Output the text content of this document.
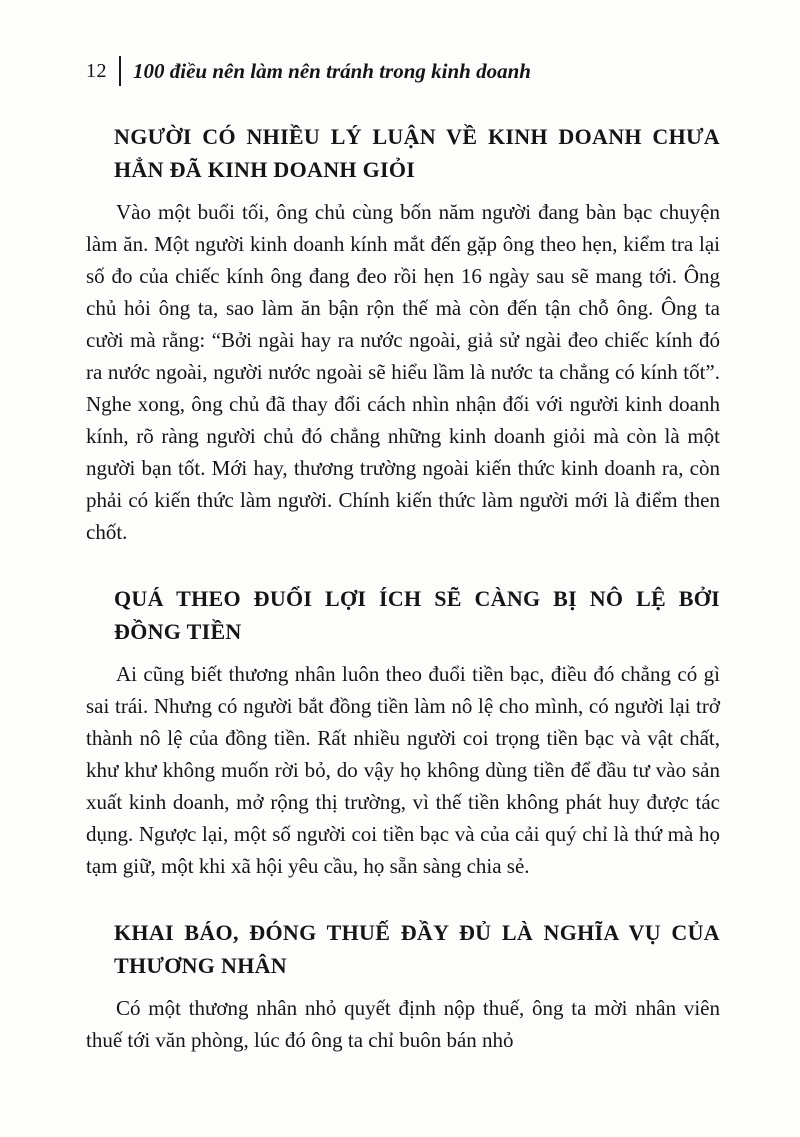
12	100 điều nên làm nên tránh trong kinh doanh
NGƯỜI CÓ NHIỀU LÝ LUẬN VỀ KINH DOANH CHƯA HẲN ĐÃ KINH DOANH GIỎI

Vào một buổi tối, ông chủ cùng bốn năm người đang bàn bạc chuyện làm ăn. Một người kinh doanh kính mắt đến gặp ông theo hẹn, kiểm tra lại số đo của chiếc kính ông đang đeo rồi hẹn 16 ngày sau sẽ mang tới. Ông chủ hỏi ông ta, sao làm ăn bận rộn thế mà còn đến tận chỗ ông. Ông ta cười mà rằng: “Bởi ngài hay ra nước ngoài, giả sử ngài đeo chiếc kính đó ra nước ngoài, người nước ngoài sẽ hiểu lầm là nước ta chẳng có kính tốt”. Nghe xong, ông chủ đã thay đổi cách nhìn nhận đối với người kinh doanh kính, rõ ràng người chủ đó chẳng những kinh doanh giỏi mà còn là một người bạn tốt. Mới hay, thương trường ngoài kiến thức kinh doanh ra, còn phải có kiến thức làm người. Chính kiến thức làm người mới là điểm then chốt.

QUÁ THEO ĐUỔI LỢI ÍCH SẼ CÀNG BỊ NÔ LỆ BỞI ĐỒNG TIỀN

Ai cũng biết thương nhân luôn theo đuổi tiền bạc, điều đó chẳng có gì sai trái. Nhưng có người bắt đồng tiền làm nô lệ cho mình, có người lại trở thành nô lệ của đồng tiền. Rất nhiều người coi trọng tiền bạc và vật chất, khư khư không muốn rời bỏ, do vậy họ không dùng tiền để đầu tư vào sản xuất kinh doanh, mở rộng thị trường, vì thế tiền không phát huy được tác dụng. Ngược lại, một số người coi tiền bạc và của cải quý chỉ là thứ mà họ tạm giữ, một khi xã hội yêu cầu, họ sẵn sàng chia sẻ.

KHAI BÁO, ĐÓNG THUẾ ĐẦY ĐỦ LÀ NGHĨA VỤ CỦA THƯƠNG NHÂN

Có một thương nhân nhỏ quyết định nộp thuế, ông ta mời nhân viên thuế tới văn phòng, lúc đó ông ta chỉ buôn bán nhỏ
